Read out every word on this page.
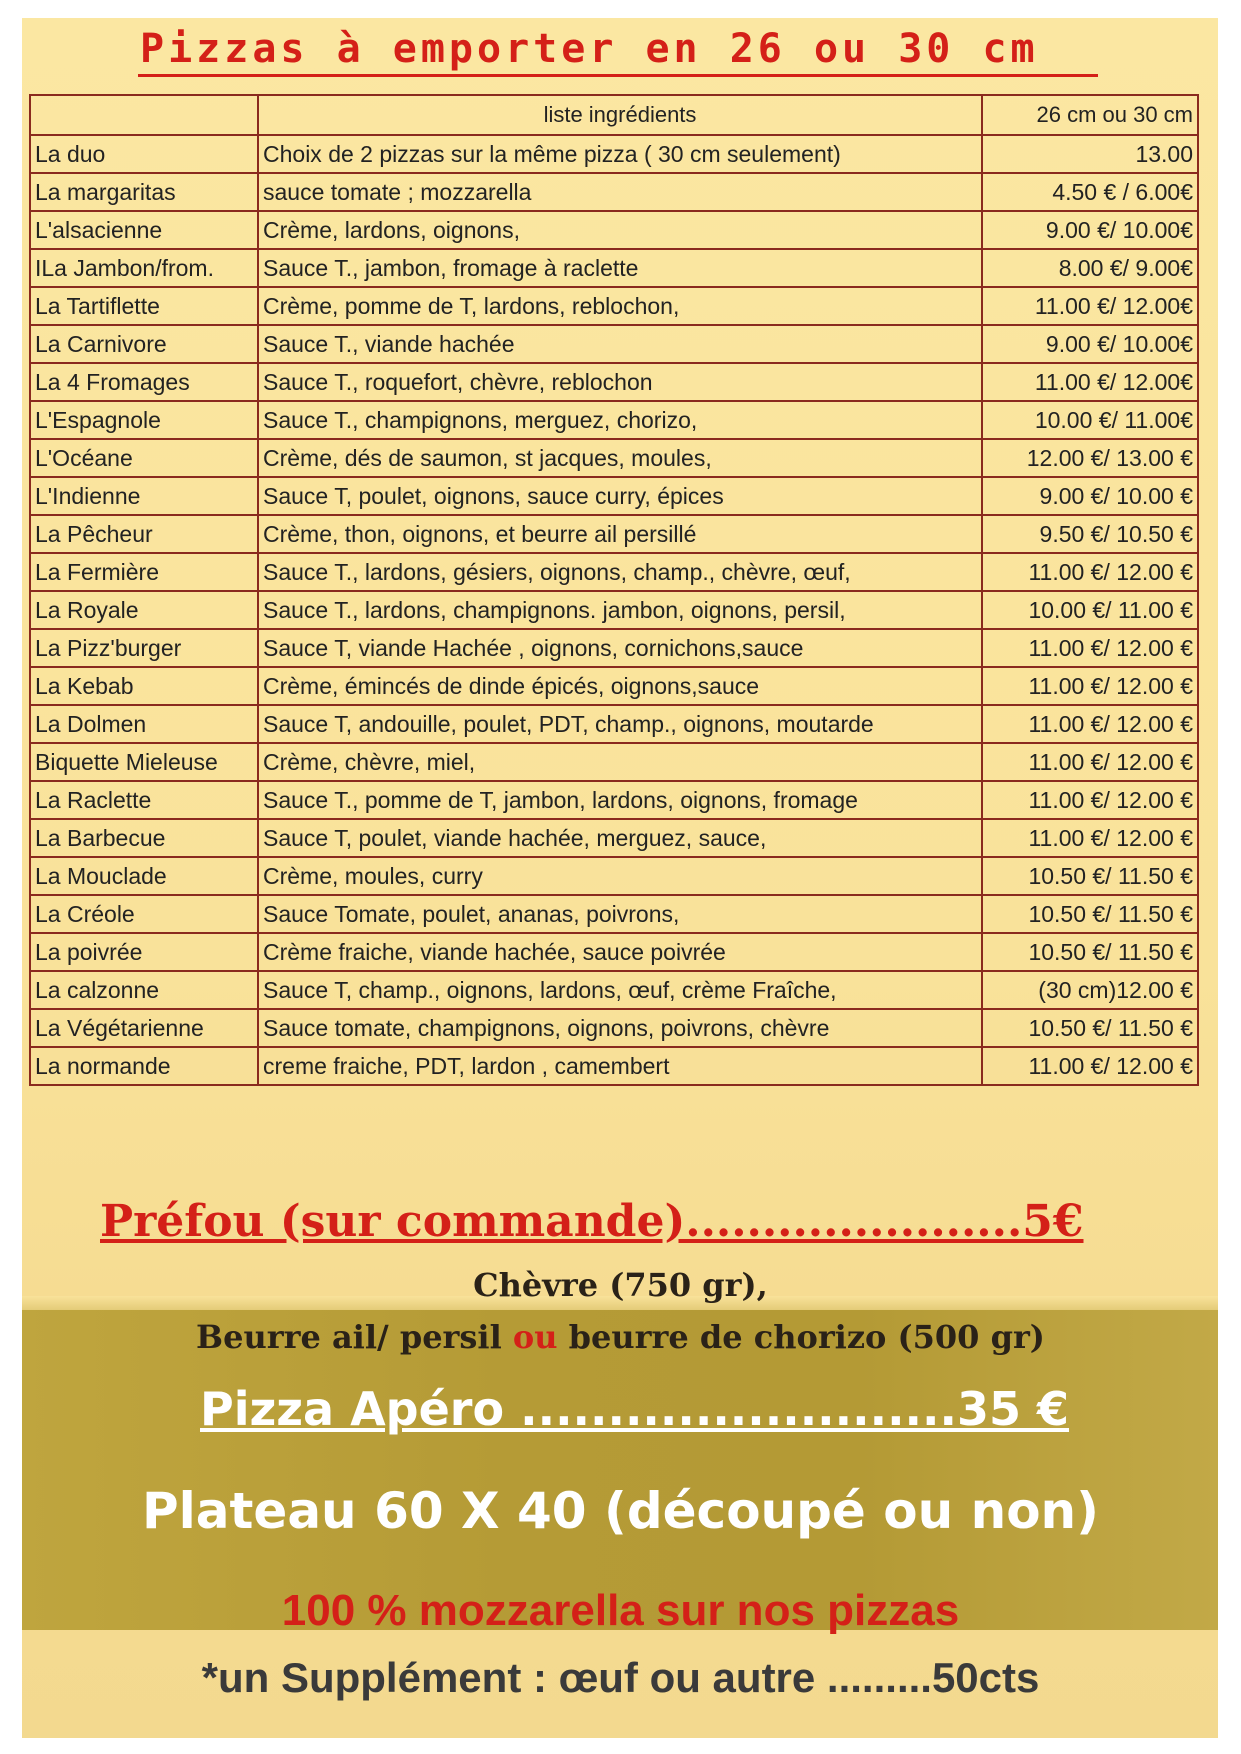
Pizzas à emporter en 26 ou 30 cm
	liste ingrédients	26 cm ou 30 cm
La duo	Choix de 2 pizzas sur la même pizza ( 30 cm seulement)	13.00
La margaritas	sauce tomate ; mozzarella	4.50 € / 6.00€
L'alsacienne	Crème, lardons, oignons,	9.00 €/ 10.00€
ILa Jambon/from.	Sauce T., jambon, fromage à raclette	8.00 €/ 9.00€
La Tartiflette	Crème, pomme de T, lardons, reblochon,	11.00 €/ 12.00€
La Carnivore	Sauce T., viande hachée	9.00 €/ 10.00€
La 4 Fromages	Sauce T., roquefort, chèvre, reblochon	11.00 €/ 12.00€
L'Espagnole	Sauce T., champignons, merguez, chorizo,	10.00 €/ 11.00€
L'Océane	Crème, dés de saumon, st jacques, moules,	12.00 €/ 13.00 €
L'Indienne	Sauce T, poulet, oignons, sauce curry, épices	9.00 €/ 10.00 €
La Pêcheur	Crème, thon, oignons, et beurre ail persillé	9.50 €/ 10.50 €
La Fermière	Sauce T., lardons, gésiers, oignons, champ., chèvre, œuf,	11.00 €/ 12.00 €
La Royale	Sauce T., lardons, champignons. jambon, oignons, persil,	10.00 €/ 11.00 €
La Pizz'burger	Sauce T, viande Hachée , oignons, cornichons,sauce	11.00 €/ 12.00 €
La Kebab	Crème, émincés de dinde épicés, oignons,sauce	11.00 €/ 12.00 €
La Dolmen	Sauce T, andouille, poulet, PDT, champ., oignons, moutarde	11.00 €/ 12.00 €
Biquette Mieleuse	Crème, chèvre, miel,	11.00 €/ 12.00 €
La Raclette	Sauce T., pomme de T, jambon, lardons, oignons, fromage	11.00 €/ 12.00 €
La Barbecue	Sauce T, poulet, viande hachée, merguez, sauce,	11.00 €/ 12.00 €
La Mouclade	Crème, moules, curry	10.50 €/ 11.50 €
La Créole	Sauce Tomate, poulet, ananas, poivrons,	10.50 €/ 11.50 €
La poivrée	Crème fraiche, viande hachée, sauce poivrée	10.50 €/ 11.50 €
La calzonne	Sauce T, champ., oignons, lardons, œuf, crème Fraîche,	(30 cm)12.00 €
La Végétarienne	Sauce tomate, champignons, oignons, poivrons, chèvre	10.50 €/ 11.50 €
La normande	creme fraiche, PDT, lardon , camembert	11.00 €/ 12.00 €
Préfou (sur commande)......................5€
Chèvre (750 gr),
Beurre ail/ persil ou beurre de chorizo (500 gr)
Pizza Apéro .........................35 €
Plateau 60 X 40 (découpé ou non)
100 % mozzarella sur nos pizzas
*un Supplément : œuf ou autre .........50cts
